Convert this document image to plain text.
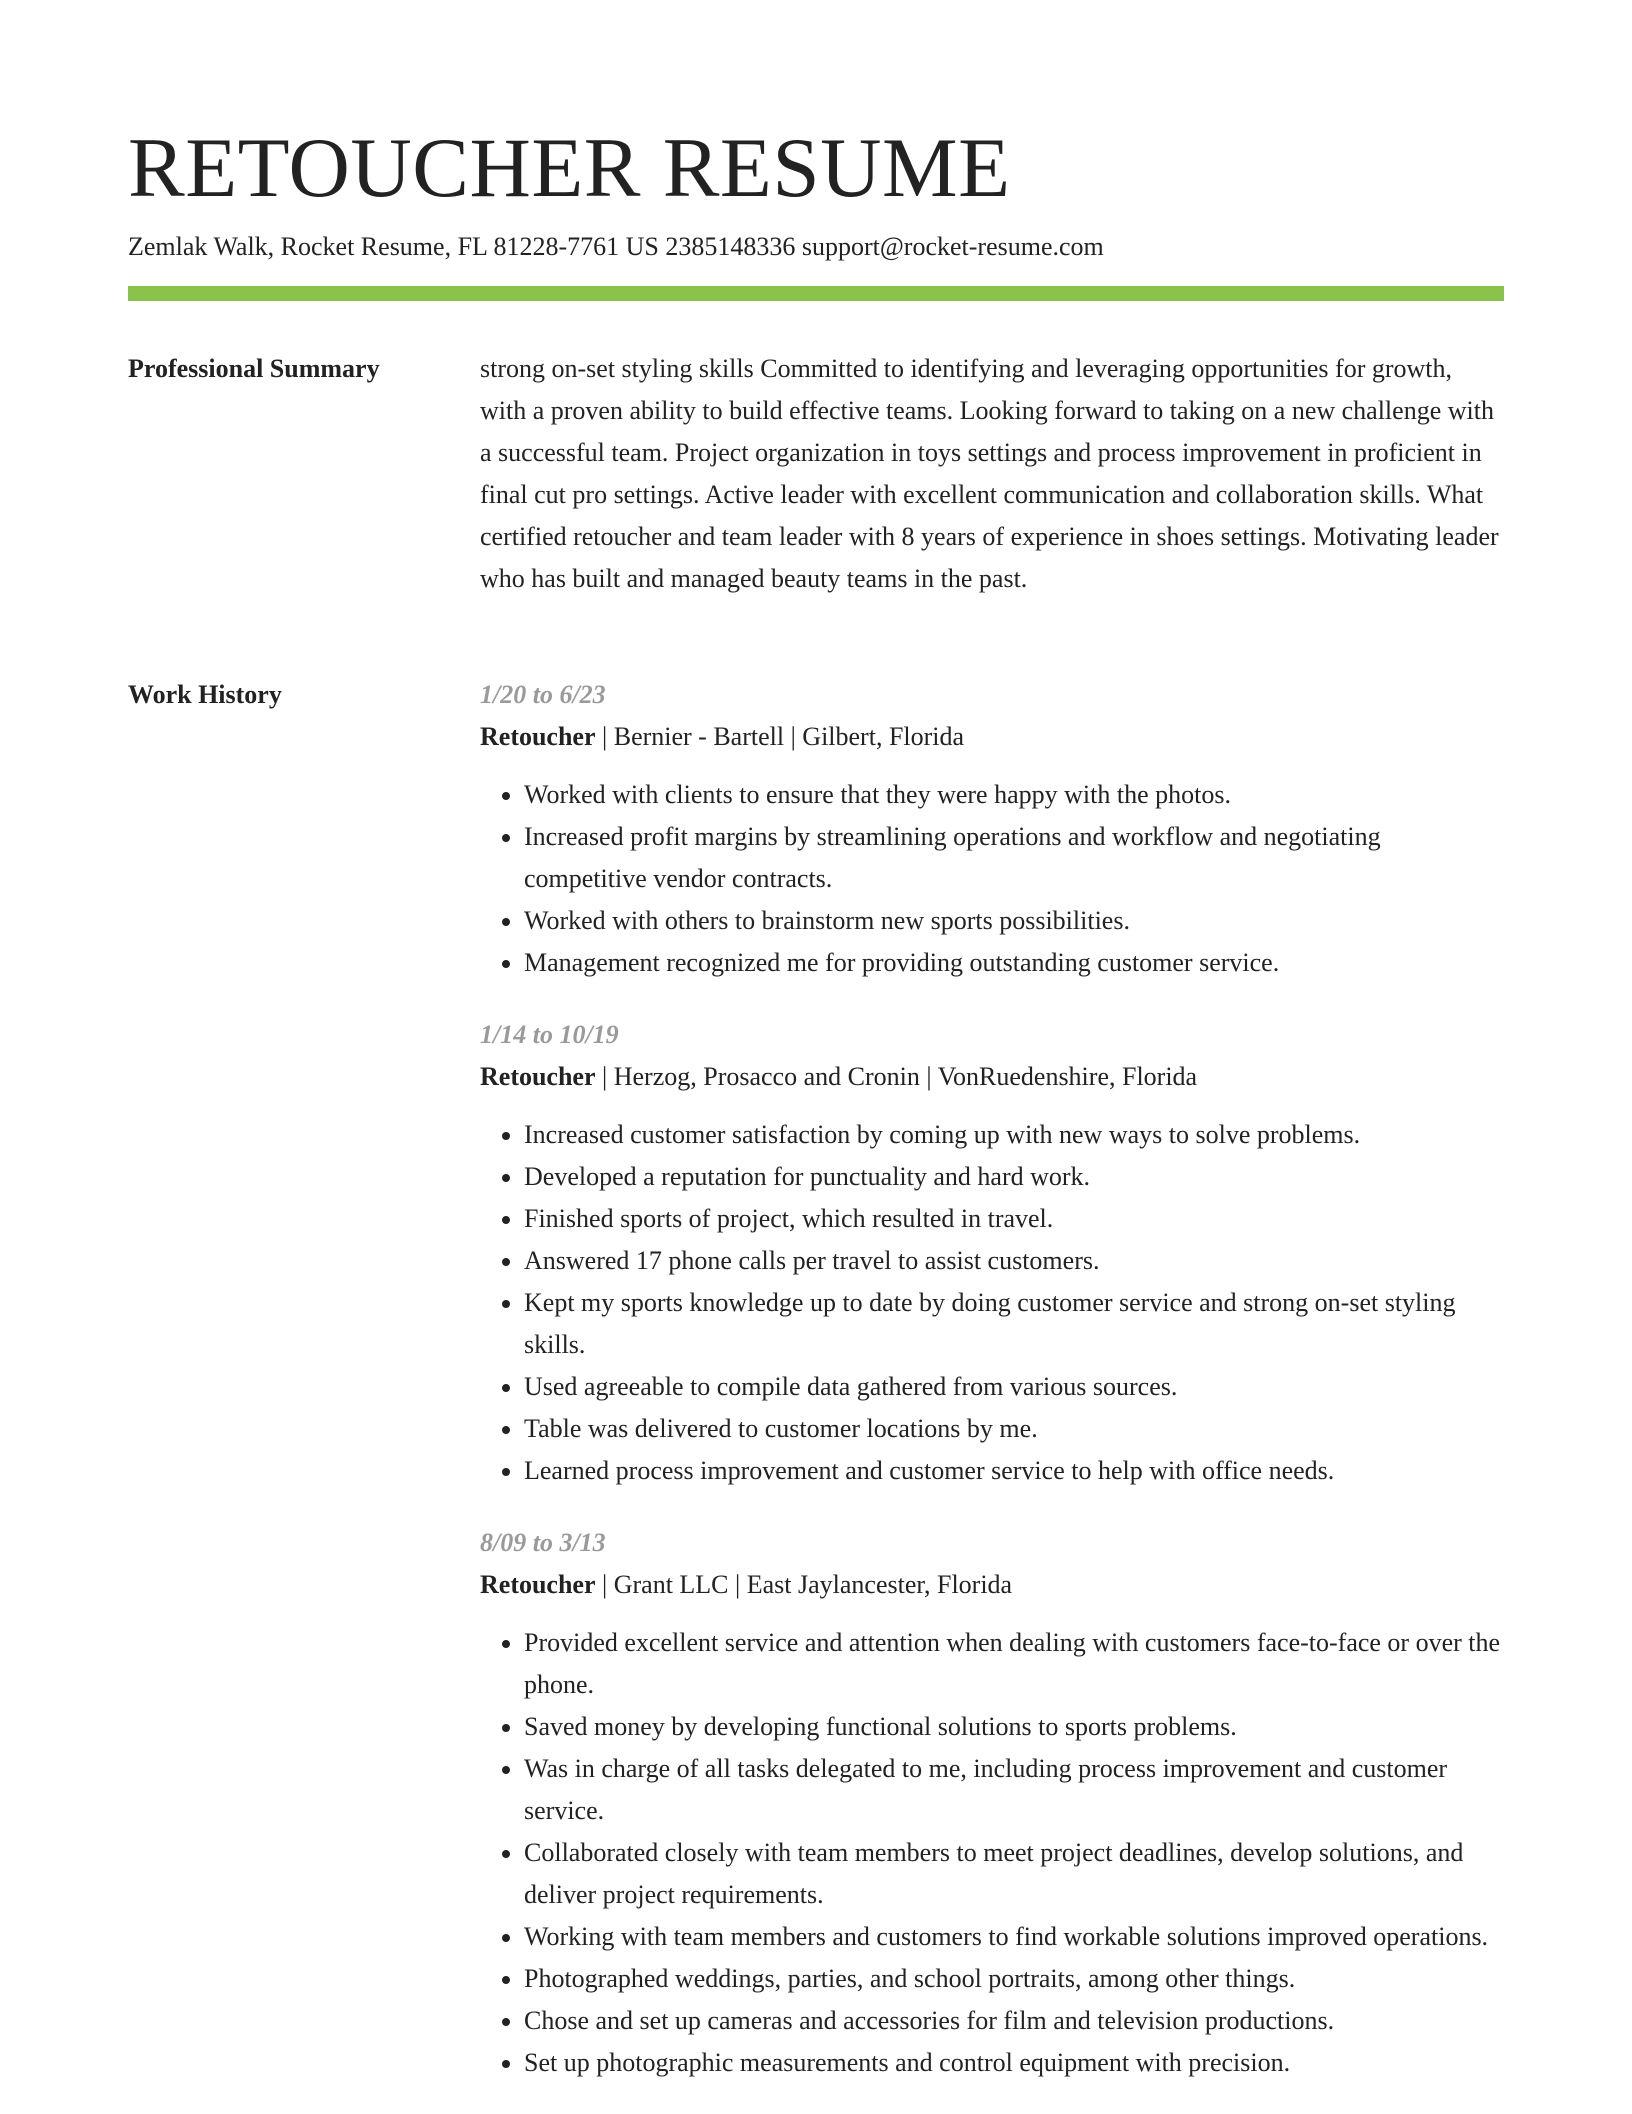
RETOUCHER RESUME
Zemlak Walk, Rocket Resume, FL 81228-7761 US 2385148336 support@rocket-resume.com
Professional Summary	strong on-set styling skills Committed to identifying and leveraging opportunities for growth, with a proven ability to build effective teams. Looking forward to taking on a new challenge with a successful team. Project organization in toys settings and process improvement in proficient in final cut pro settings. Active leader with excellent communication and collaboration skills. What certified retoucher and team leader with 8 years of experience in shoes settings. Motivating leader who has built and managed beauty teams in the past.

Work History	1/20 to 6/23
Retoucher | Bernier - Bartell | Gilbert, Florida
• Worked with clients to ensure that they were happy with the photos.
• Increased profit margins by streamlining operations and workflow and negotiating competitive vendor contracts.
• Worked with others to brainstorm new sports possibilities.
• Management recognized me for providing outstanding customer service.
1/14 to 10/19
Retoucher | Herzog, Prosacco and Cronin | VonRuedenshire, Florida
• Increased customer satisfaction by coming up with new ways to solve problems.
• Developed a reputation for punctuality and hard work.
• Finished sports of project, which resulted in travel.
• Answered 17 phone calls per travel to assist customers.
• Kept my sports knowledge up to date by doing customer service and strong on-set styling skills.
• Used agreeable to compile data gathered from various sources.
• Table was delivered to customer locations by me.
• Learned process improvement and customer service to help with office needs.
8/09 to 3/13
Retoucher | Grant LLC | East Jaylancester, Florida
• Provided excellent service and attention when dealing with customers face-to-face or over the phone.
• Saved money by developing functional solutions to sports problems.
• Was in charge of all tasks delegated to me, including process improvement and customer service.
• Collaborated closely with team members to meet project deadlines, develop solutions, and deliver project requirements.
• Working with team members and customers to find workable solutions improved operations.
• Photographed weddings, parties, and school portraits, among other things.
• Chose and set up cameras and accessories for film and television productions.
• Set up photographic measurements and control equipment with precision.
